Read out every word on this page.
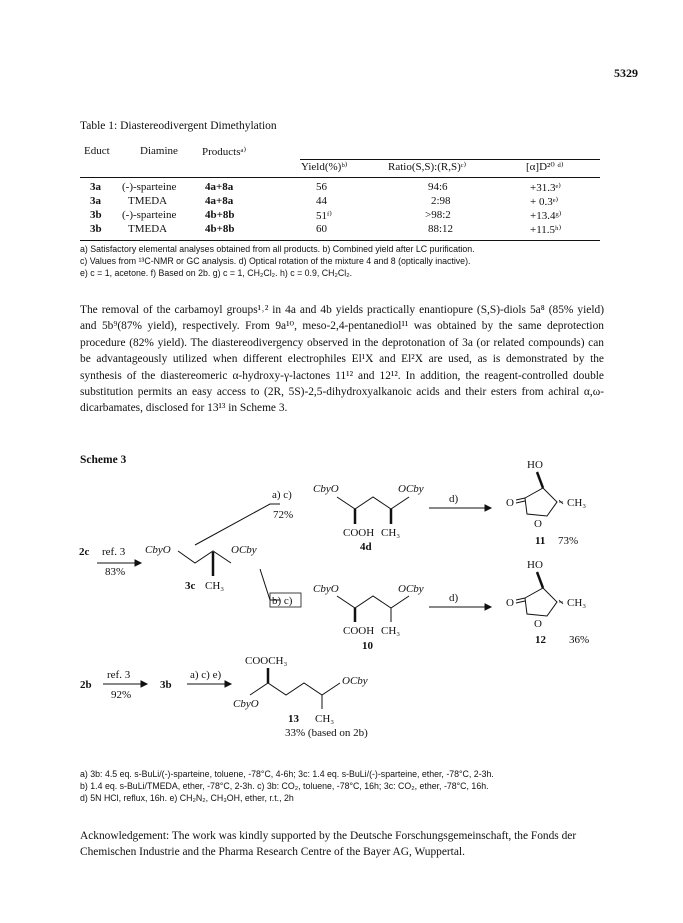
5329
Table 1: Diastereodivergent Dimethylation
Educt	Diamine Productsᵃ⁾
Yield(%)ᵇ⁾	Ratio(S,S):(R,S)ᶜ⁾	[α]D²⁰ ᵈ⁾
3a (-)-sparteine	4a+8a	56	94:6	+31.3ᵉ⁾
3a TMEDA	4a+8a	44	2:98	+ 0.3ᵉ⁾
3b (-)-sparteine	4b+8b	51ᶠ⁾	>98:2	+13.4ᵍ⁾
3b TMEDA	4b+8b	60	88:12	+11.5ʰ⁾
a) Satisfactory elemental analyses obtained from all products. b) Combined yield after LC purification.
c) Values from ¹³C-NMR or GC analysis. d) Optical rotation of the mixture 4 and 8 (optically inactive).
e) c = 1, acetone. f) Based on 2b. g) c = 1, CH₂Cl₂. h) c = 0.9, CH₂Cl₂.

The removal of the carbamoyl groups¹˒² in 4a and 4b yields practically enantiopure (S,S)-diols 5a⁸ (85% yield) and 5b⁹(87% yield), respectively. From 9a¹⁰, meso-2,4-pentanediol¹¹ was obtained by the same deprotection procedure (82% yield). The diastereodivergency observed in the deprotonation of 3a (or related compounds) can be advantageously utilized when different electrophiles El¹X and El²X are used, as is demonstrated by the synthesis of the diastereomeric α-hydroxy-γ-lactones 11¹² and 12¹². In addition, the reagent-controlled double substitution permits an easy access to (2R, 5S)-2,5-dihydroxyalkanoic acids and their esters from achiral α,ω-dicarbamates, disclosed for 13¹³ in Scheme 3.

Scheme 3
2c ref. 3
83%
CbyO	OCby
3c CH₃
a) c)
72%
CbyO	OCby
COOH CH₃
4d
d)
HO
O
O
CH₃
11 73%
b) c)
CbyO	OCby
COOH CH₃
10
d)
HO
O
O
CH₃
12 36%
2b
ref. 3
92%
3b
a) c) e)
COOCH₃
CbyO
OCby
13 CH₃
33% (based on 2b)
a) 3b: 4.5 eq. s-BuLi/(-)-sparteine, toluene, -78°C, 4-6h; 3c: 1.4 eq. s-BuLi/(-)-sparteine, ether, -78°C, 2-3h.
b) 1.4 eq. s-BuLi/TMEDA, ether, -78°C, 2-3h. c) 3b: CO₂, toluene, -78°C, 16h; 3c: CO₂, ether, -78°C, 16h.
d) 5N HCl, reflux, 16h. e) CH₂N₂, CH₃OH, ether, r.t., 2h
Acknowledgement: The work was kindly supported by the Deutsche Forschungsgemeinschaft, the Fonds der Chemischen Industrie and the Pharma Research Centre of the Bayer AG, Wuppertal.
